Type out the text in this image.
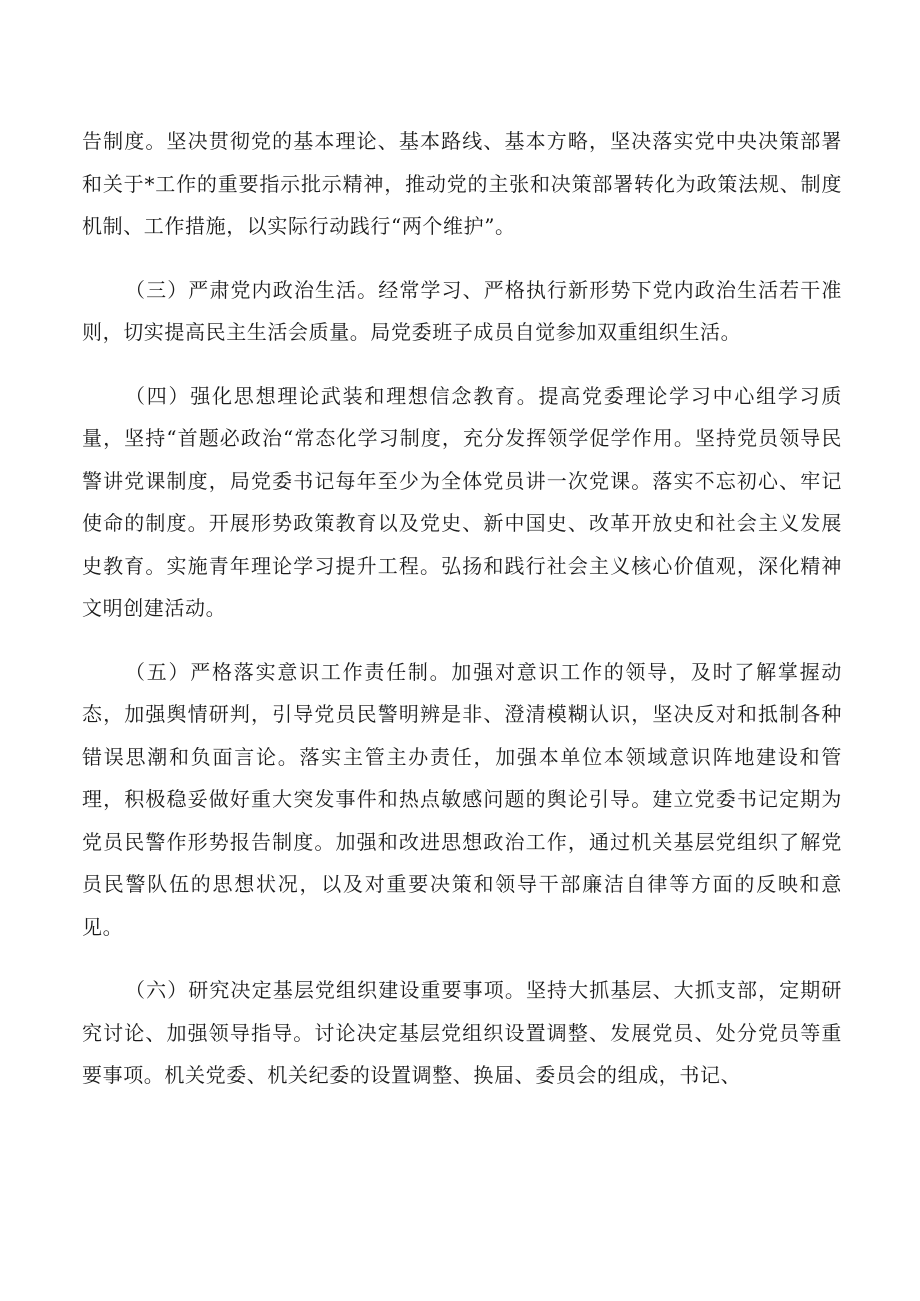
告制度。坚决贯彻党的基本理论、基本路线、基本方略，坚决落实党中央决策部署和关于*工作的重要指示批示精神，推动党的主张和决策部署转化为政策法规、制度机制、工作措施，以实际行动践行“两个维护”。

（三）严肃党内政治生活。经常学习、严格执行新形势下党内政治生活若干准则，切实提高民主生活会质量。局党委班子成员自觉参加双重组织生活。

（四）强化思想理论武装和理想信念教育。提高党委理论学习中心组学习质量，坚持“首题必政治“常态化学习制度，充分发挥领学促学作用。坚持党员领导民警讲党课制度，局党委书记每年至少为全体党员讲一次党课。落实不忘初心、牢记使命的制度。开展形势政策教育以及党史、新中国史、改革开放史和社会主义发展史教育。实施青年理论学习提升工程。弘扬和践行社会主义核心价值观，深化精神文明创建活动。

（五）严格落实意识工作责任制。加强对意识工作的领导，及时了解掌握动态，加强舆情研判，引导党员民警明辨是非、澄清模糊认识，坚决反对和抵制各种错误思潮和负面言论。落实主管主办责任，加强本单位本领域意识阵地建设和管理，积极稳妥做好重大突发事件和热点敏感问题的舆论引导。建立党委书记定期为党员民警作形势报告制度。加强和改进思想政治工作，通过机关基层党组织了解党员民警队伍的思想状况，以及对重要决策和领导干部廉洁自律等方面的反映和意见。

（六）研究决定基层党组织建设重要事项。坚持大抓基层、大抓支部，定期研究讨论、加强领导指导。讨论决定基层党组织设置调整、发展党员、处分党员等重要事项。机关党委、机关纪委的设置调整、换届、委员会的组成，书记、
